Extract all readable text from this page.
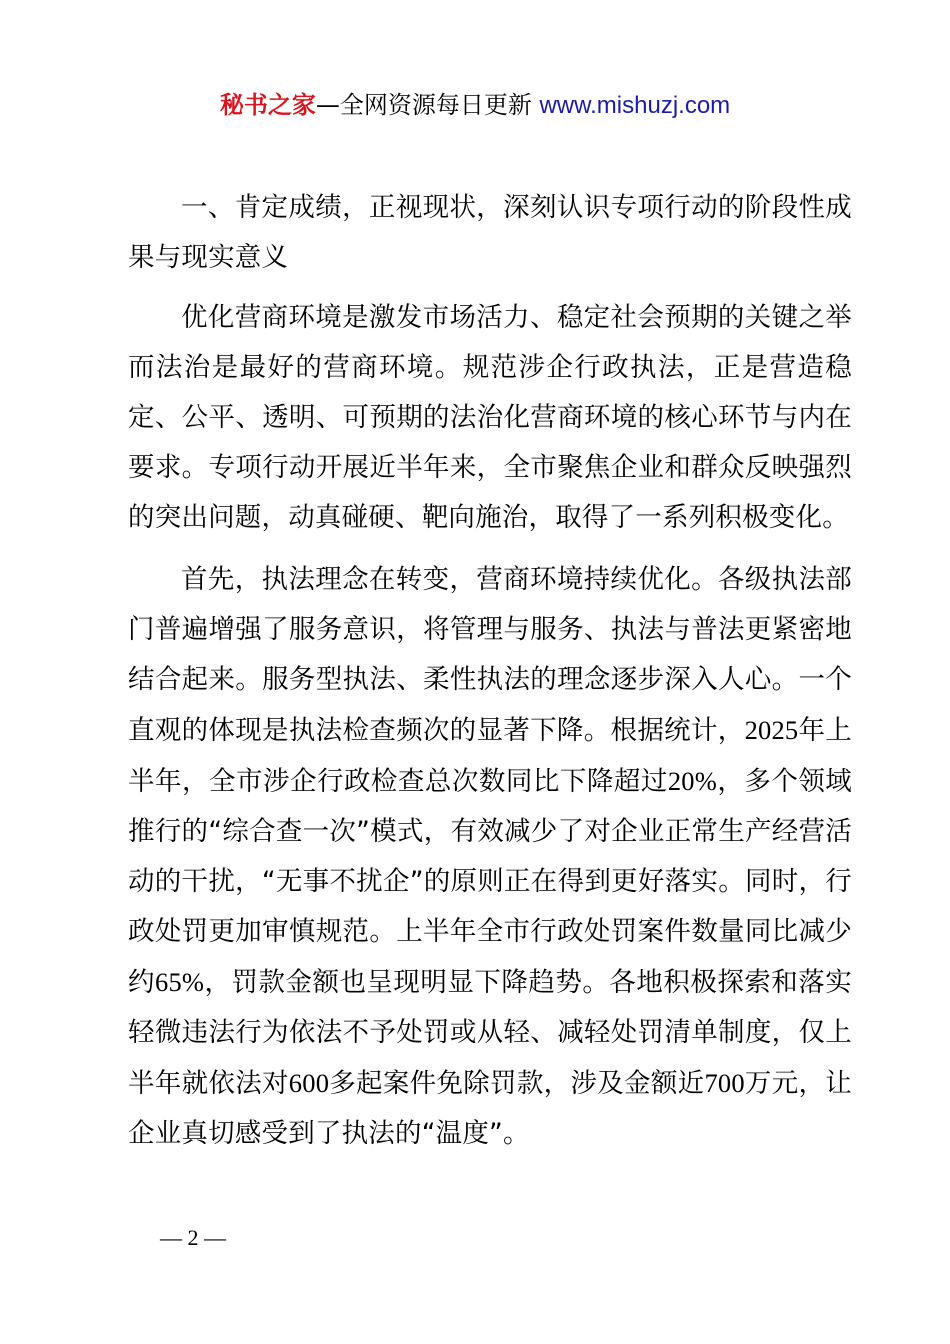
秘书之家—全网资源每日更新 www.mishuzj.com

一、肯定成绩，正视现状，深刻认识专项行动的阶段性成果与现实意义

优化营商环境是激发市场活力、稳定社会预期的关键之举而法治是最好的营商环境。规范涉企行政执法，正是营造稳定、公平、透明、可预期的法治化营商环境的核心环节与内在要求。专项行动开展近半年来，全市聚焦企业和群众反映强烈的突出问题，动真碰硬、靶向施治，取得了一系列积极变化。

首先，执法理念在转变，营商环境持续优化。各级执法部门普遍增强了服务意识，将管理与服务、执法与普法更紧密地结合起来。服务型执法、柔性执法的理念逐步深入人心。一个直观的体现是执法检查频次的显著下降。根据统计，2025年上半年，全市涉企行政检查总次数同比下降超过20%，多个领域推行的“综合查一次”模式，有效减少了对企业正常生产经营活动的干扰，“无事不扰企”的原则正在得到更好落实。同时，行政处罚更加审慎规范。上半年全市行政处罚案件数量同比减少约65%，罚款金额也呈现明显下降趋势。各地积极探索和落实轻微违法行为依法不予处罚或从轻、减轻处罚清单制度，仅上半年就依法对600多起案件免除罚款，涉及金额近700万元，让企业真切感受到了执法的“温度”。

— 2 —
